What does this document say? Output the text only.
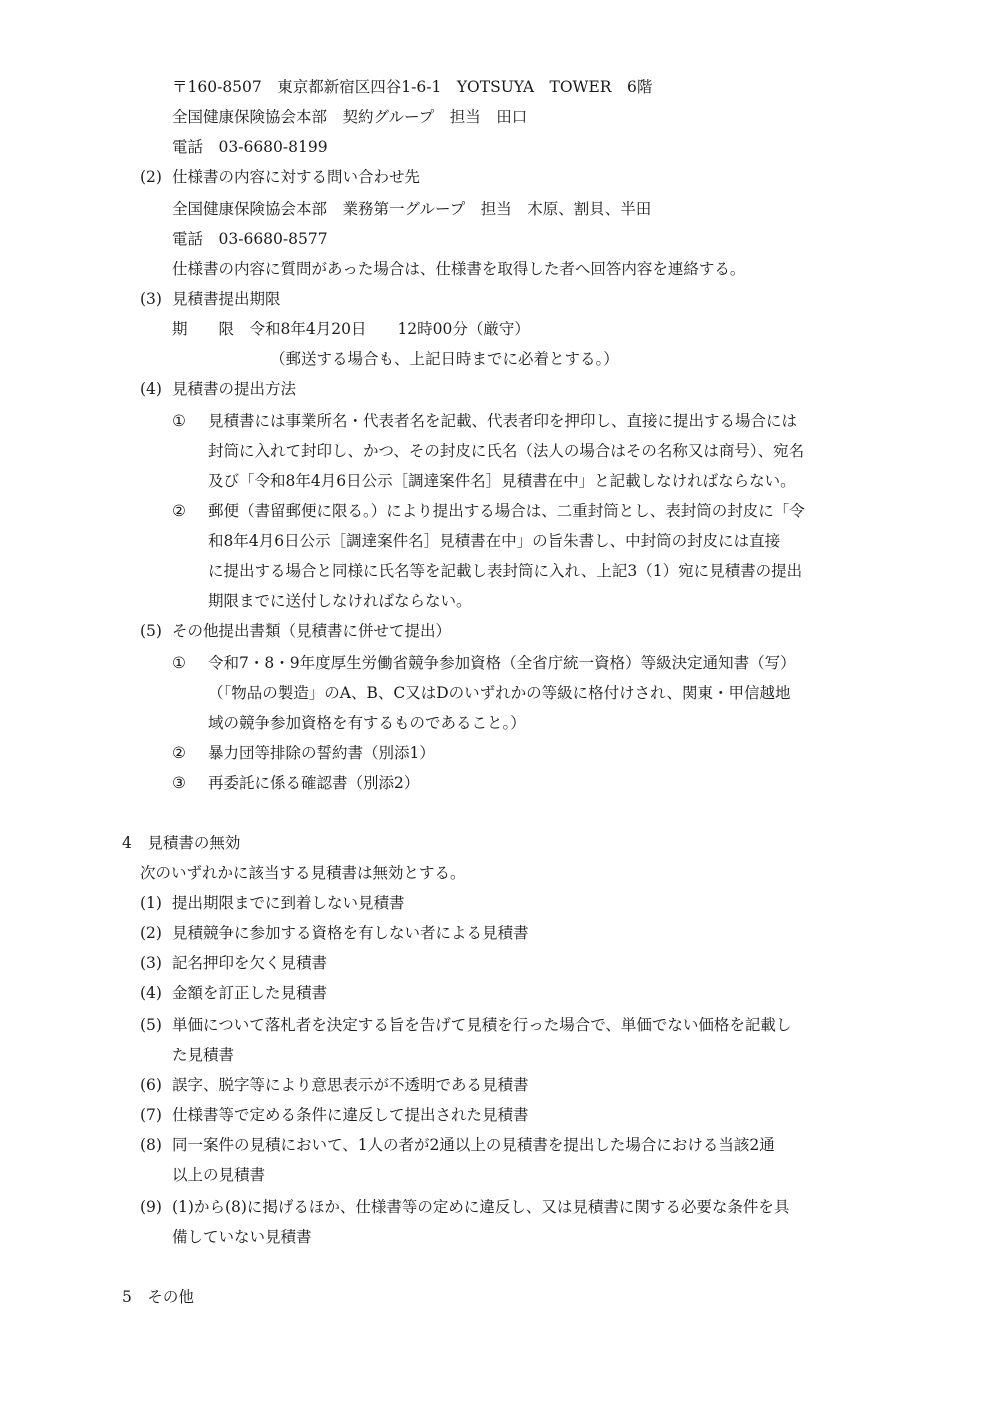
〒160-8507　東京都新宿区四谷1-6-1　YOTSUYA　TOWER　6階
全国健康保険協会本部　契約グループ　担当　田口
電話　03-6680-8199
(2) 仕様書の内容に対する問い合わせ先
全国健康保険協会本部　業務第一グループ　担当　木原、割貝、半田
電話　03-6680-8577
仕様書の内容に質問があった場合は、仕様書を取得した者へ回答内容を連絡する。
(3) 見積書提出期限
期　　限　令和8年4月20日　　12時00分（厳守）
（郵送する場合も、上記日時までに必着とする。）
(4) 見積書の提出方法
① 見積書には事業所名・代表者名を記載、代表者印を押印し、直接に提出する場合には
封筒に入れて封印し、かつ、その封皮に氏名（法人の場合はその名称又は商号）、宛名
及び「令和8年4月6日公示［調達案件名］見積書在中」と記載しなければならない。
② 郵便（書留郵便に限る。）により提出する場合は、二重封筒とし、表封筒の封皮に「令
和8年4月6日公示［調達案件名］見積書在中」の旨朱書し、中封筒の封皮には直接
に提出する場合と同様に氏名等を記載し表封筒に入れ、上記3（1）宛に見積書の提出
期限までに送付しなければならない。
(5) その他提出書類（見積書に併せて提出）
① 令和7・8・9年度厚生労働省競争参加資格（全省庁統一資格）等級決定通知書（写）
（「物品の製造」のA、B、C又はDのいずれかの等級に格付けされ、関東・甲信越地
域の競争参加資格を有するものであること。）
② 暴力団等排除の誓約書（別添1）
③ 再委託に係る確認書（別添2）
4　見積書の無効
次のいずれかに該当する見積書は無効とする。
(1) 提出期限までに到着しない見積書
(2) 見積競争に参加する資格を有しない者による見積書
(3) 記名押印を欠く見積書
(4) 金額を訂正した見積書
(5) 単価について落札者を決定する旨を告げて見積を行った場合で、単価でない価格を記載し
た見積書
(6) 誤字、脱字等により意思表示が不透明である見積書
(7) 仕様書等で定める条件に違反して提出された見積書
(8) 同一案件の見積において、1人の者が2通以上の見積書を提出した場合における当該2通
以上の見積書
(9) (1)から(8)に掲げるほか、仕様書等の定めに違反し、又は見積書に関する必要な条件を具
備していない見積書
5　その他
